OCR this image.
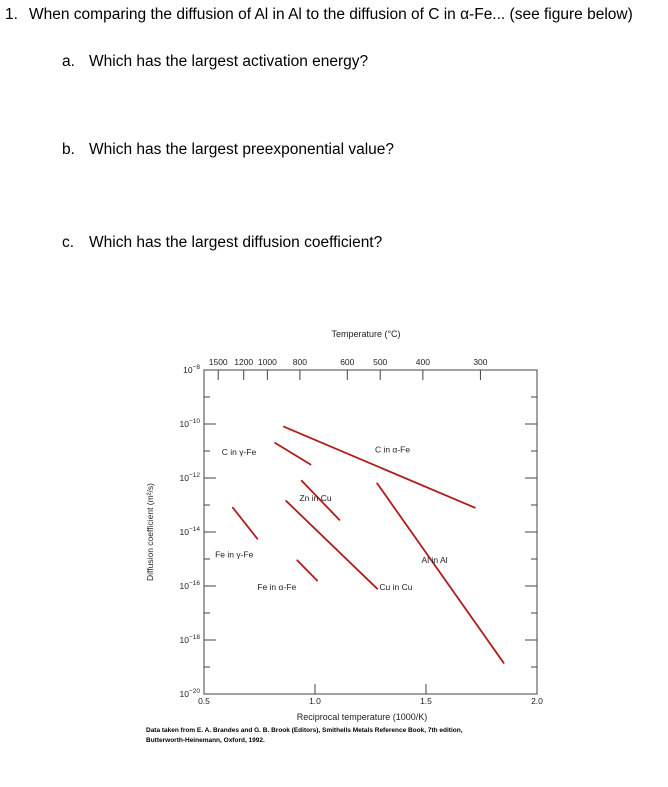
1. When comparing the diffusion of Al in Al to the diffusion of C in α-Fe... (see figure below)
a. Which has the largest activation energy?
b. Which has the largest preexponential value?
c. Which has the largest diffusion coefficient?
Temperature (°C)
1500 1200 1000 800	600 500	400	300
$10^{-8}$
$10^{-10}$
$10^{-12}$
$10^{-14}$
$10^{-16}$
$10^{-18}$
$10^{-20}$
0.5	1.0	1.5	2.0
C in γ-Fe	C in α-Fe
Zn in Cu
Fe in γ-Fe
Fe in α-Fe	Cu in Cu
Al in Al
Diffusion coefficient (m²/s)
Reciprocal temperature (1000/K)
Data taken from E. A. Brandes and G. B. Brook (Editors), Smithells Metals Reference Book, 7th edition,
Butterworth-Heinemann, Oxford, 1992.
